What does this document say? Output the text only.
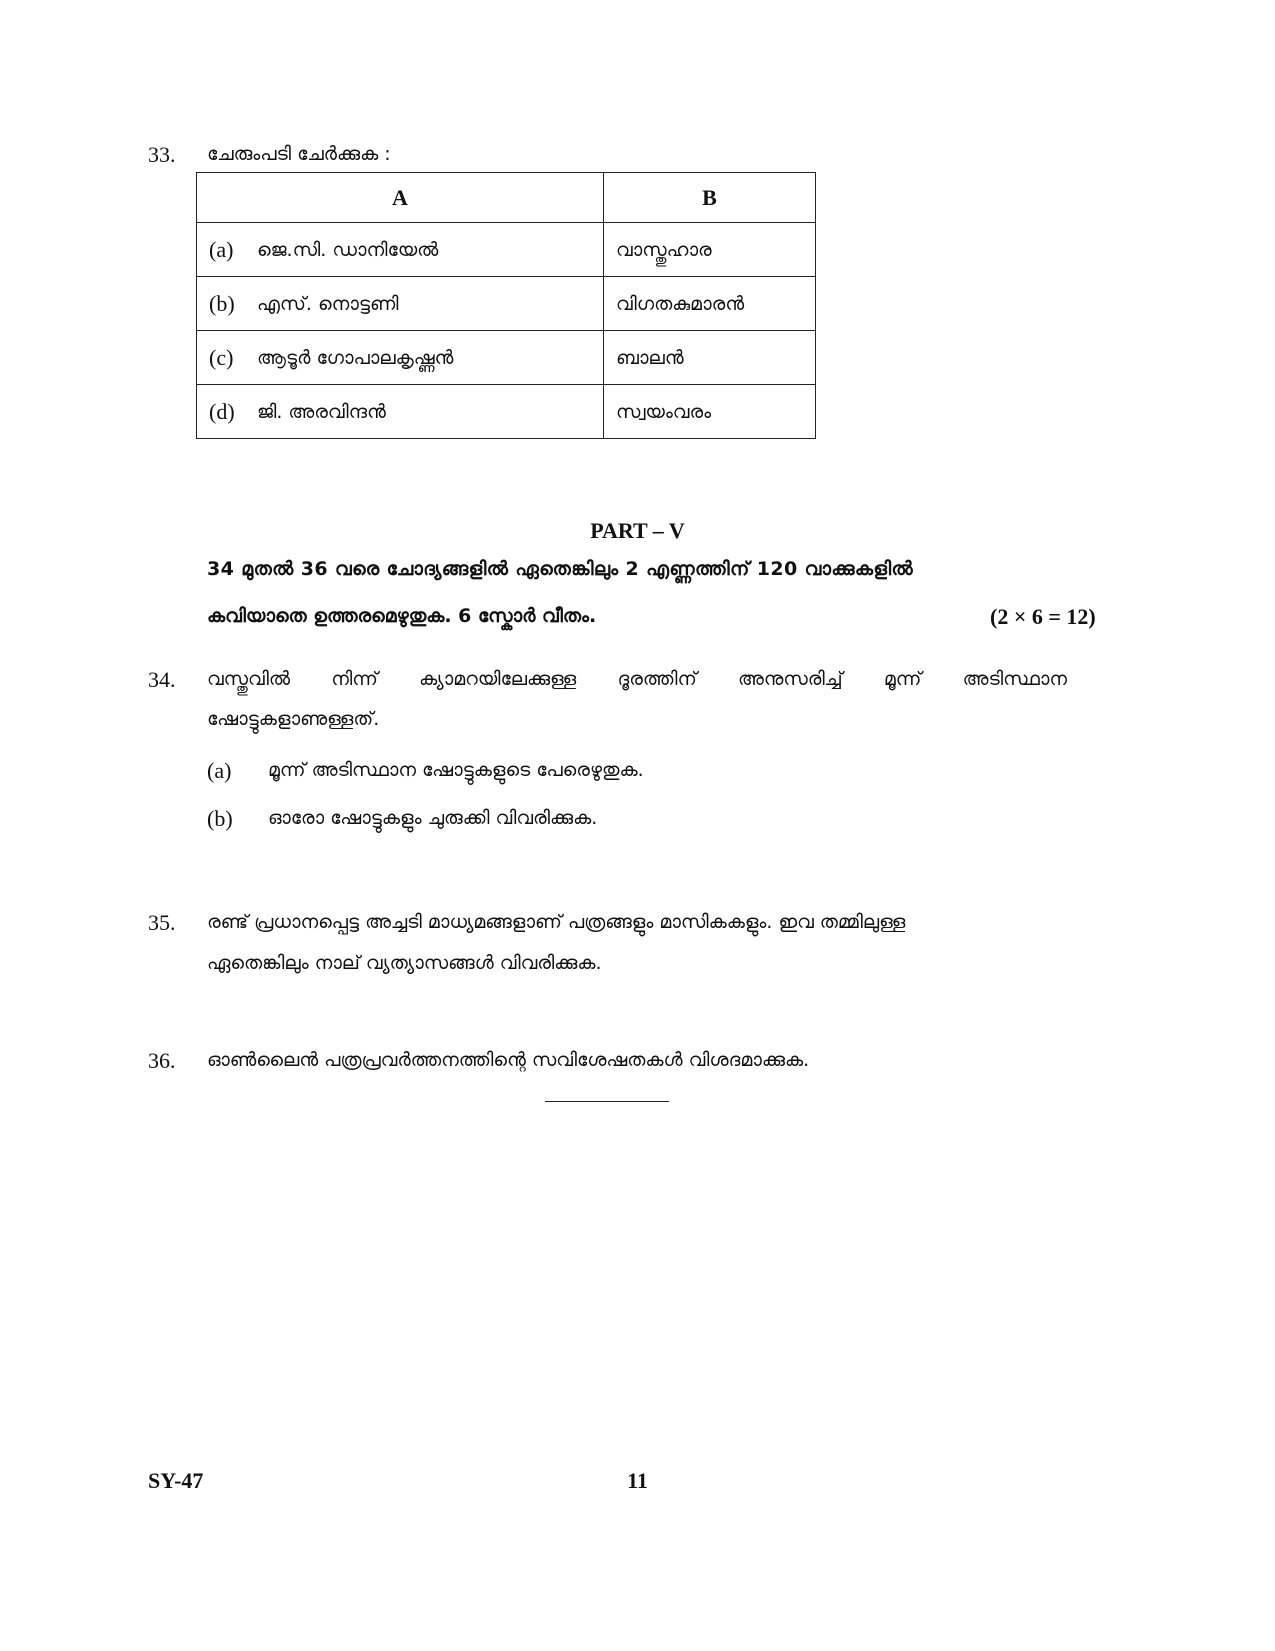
33. ചേരുംപടി ചേർക്കുക :
A	B

(a) ജെ.സി. ഡാനിയേൽ	വാസ്തുഹാര

(b) എസ്. നൊട്ടണി	വിഗതകുമാരൻ

(c) ആടൂർ ഗോപാലകൃഷ്ണൻ	ബാലൻ

(d) ജി. അരവിന്ദൻ	സ്വയംവരം
PART – V
34 മുതൽ 36 വരെ ചോദ്യങ്ങളിൽ ഏതെങ്കിലും 2 എണ്ണത്തിന് 120 വാക്കുകളിൽ
കവിയാതെ ഉത്തരമെഴുതുക. 6 സ്കോർ വീതം.	(2 × 6 = 12)
34. വസ്തുവിൽ നിന്ന് ക്യാമറയിലേക്കുള്ള ദൂരത്തിന് അനുസരിച്ച് മൂന്ന് അടിസ്ഥാന
ഷോട്ടുകളാണുള്ളത്.
(a) മൂന്ന് അടിസ്ഥാന ഷോട്ടുകളുടെ പേരെഴുതുക.
(b) ഓരോ ഷോട്ടുകളും ചുരുക്കി വിവരിക്കുക.
35. രണ്ട് പ്രധാനപ്പെട്ട അച്ചടി മാധ്യമങ്ങളാണ് പത്രങ്ങളും മാസികകളും. ഇവ തമ്മിലുള്ള
ഏതെങ്കിലും നാല് വ്യത്യാസങ്ങൾ വിവരിക്കുക.
36. ഓൺലൈൻ പത്രപ്രവർത്തനത്തിന്റെ സവിശേഷതകൾ വിശദമാക്കുക.
SY-47	11
